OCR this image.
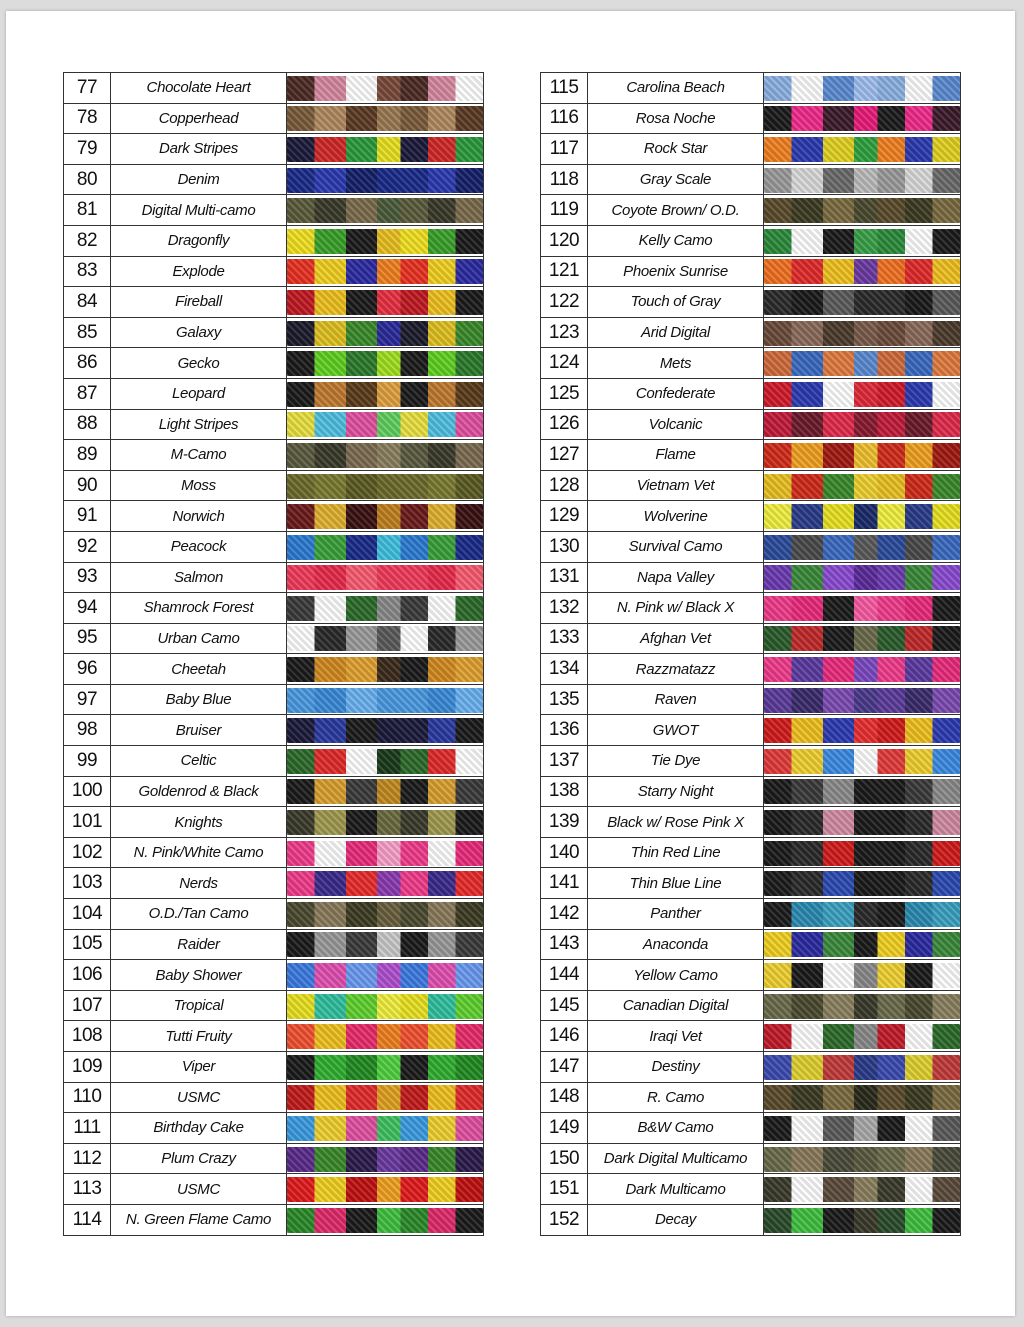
77	Chocolate Heart	

78	Copperhead	

79	Dark Stripes	

80	Denim	

81	Digital Multi-camo	

82	Dragonfly	

83	Explode	

84	Fireball	

85	Galaxy	

86	Gecko	

87	Leopard	

88	Light Stripes	

89	M-Camo	

90	Moss	

91	Norwich	

92	Peacock	

93	Salmon	

94	Shamrock Forest	

95	Urban Camo	

96	Cheetah	

97	Baby Blue	

98	Bruiser	

99	Celtic	

100	Goldenrod & Black	

101	Knights	

102	N. Pink/White Camo	

103	Nerds	

104	O.D./Tan Camo	

105	Raider	

106	Baby Shower	

107	Tropical	

108	Tutti Fruity	

109	Viper	

110	USMC	

111	Birthday Cake	

112	Plum Crazy	

113	USMC	

114	N. Green Flame Camo	
115	Carolina Beach	

116	Rosa Noche	

117	Rock Star	

118	Gray Scale	

119	Coyote Brown/ O.D.	

120	Kelly Camo	

121	Phoenix Sunrise	

122	Touch of Gray	

123	Arid Digital	

124	Mets	

125	Confederate	

126	Volcanic	

127	Flame	

128	Vietnam Vet	

129	Wolverine	

130	Survival Camo	

131	Napa Valley	

132	N. Pink w/ Black X	

133	Afghan Vet	

134	Razzmatazz	

135	Raven	

136	GWOT	

137	Tie Dye	

138	Starry Night	

139	Black w/ Rose Pink X	

140	Thin Red Line	

141	Thin Blue Line	

142	Panther	

143	Anaconda	

144	Yellow Camo	

145	Canadian Digital	

146	Iraqi Vet	

147	Destiny	

148	R. Camo	

149	B&W Camo	

150	Dark Digital Multicamo	

151	Dark Multicamo	

152	Decay	
